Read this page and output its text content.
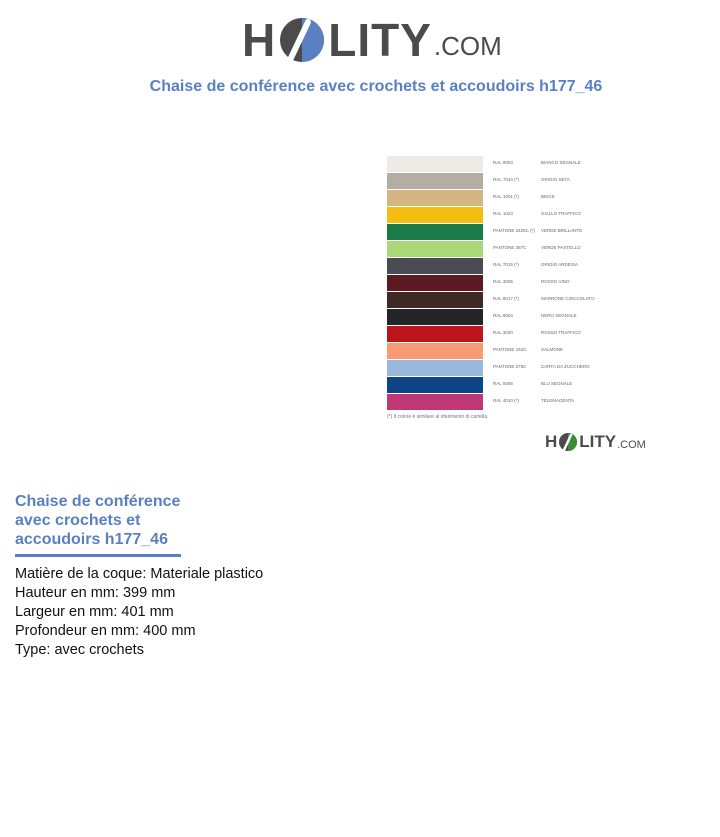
H LITY .COM
Chaise de conférence avec crochets et accoudoirs h177_46
RAL 9003	BIANCO SEGNALE
RAL 7044 (*)	GRIGIO SETA
RAL 1001 (*)	BEIGE
RAL 1023	GIALLO TRAFFICO
PANTONE 3425C (*) VERDE BRILLANTE
PANTONE 367C	VERDE PASTELLO
RAL 7015 (*)	GRIGIO ARDESIA
RAL 3005	ROSSO VINO
RAL 8017 (*)	MARRONE CIOCCOLATO
RAL 9004	NERO SEGNALE
RAL 3020	ROSSO TRAFFICO
PANTONE 162C	SALMONE
PANTONE 278C	CARTA DA ZUCCHERO
RAL 5005	BLU SEGNALE
RAL 4010 (*)	TELEMAGENTA
(*) Il colore è similare al riferimento di cartella.
H LITY .COM
Chaise de conférence avec crochets et accoudoirs h177_46
Matière de la coque: Materiale plastico
Hauteur en mm: 399 mm
Largeur en mm: 401 mm
Profondeur en mm: 400 mm
Type: avec crochets
